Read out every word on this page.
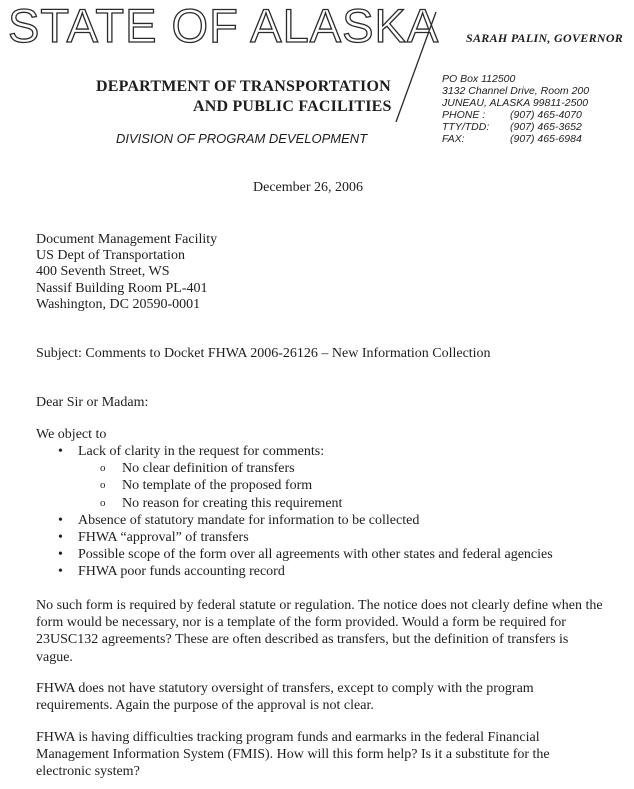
STATE OF ALASKA SARAH PALIN, GOVERNOR
DEPARTMENT OF TRANSPORTATION
AND PUBLIC FACILITIES
DIVISION OF PROGRAM DEVELOPMENT
PO Box 112500
3132 Channel Drive, Room 200
JUNEAU, ALASKA 99811-2500
PHONE : (907) 465-4070
TTY/TDD: (907) 465-3652
FAX:	(907) 465-6984
December 26, 2006
Document Management Facility
US Dept of Transportation
400 Seventh Street, WS
Nassif Building Room PL-401
Washington, DC 20590-0001
Subject: Comments to Docket FHWA 2006-26126 – New Information Collection
Dear Sir or Madam:
We object to
• Lack of clarity in the request for comments:
o No clear definition of transfers
o No template of the proposed form
o No reason for creating this requirement
• Absence of statutory mandate for information to be collected
• FHWA “approval” of transfers
• Possible scope of the form over all agreements with other states and federal agencies
• FHWA poor funds accounting record
No such form is required by federal statute or regulation. The notice does not clearly define when the form would be necessary, nor is a template of the form provided. Would a form be required for 23USC132 agreements? These are often described as transfers, but the definition of transfers is vague.
FHWA does not have statutory oversight of transfers, except to comply with the program requirements. Again the purpose of the approval is not clear.
FHWA is having difficulties tracking program funds and earmarks in the federal Financial Management Information System (FMIS). How will this form help? Is it a substitute for the electronic system?
